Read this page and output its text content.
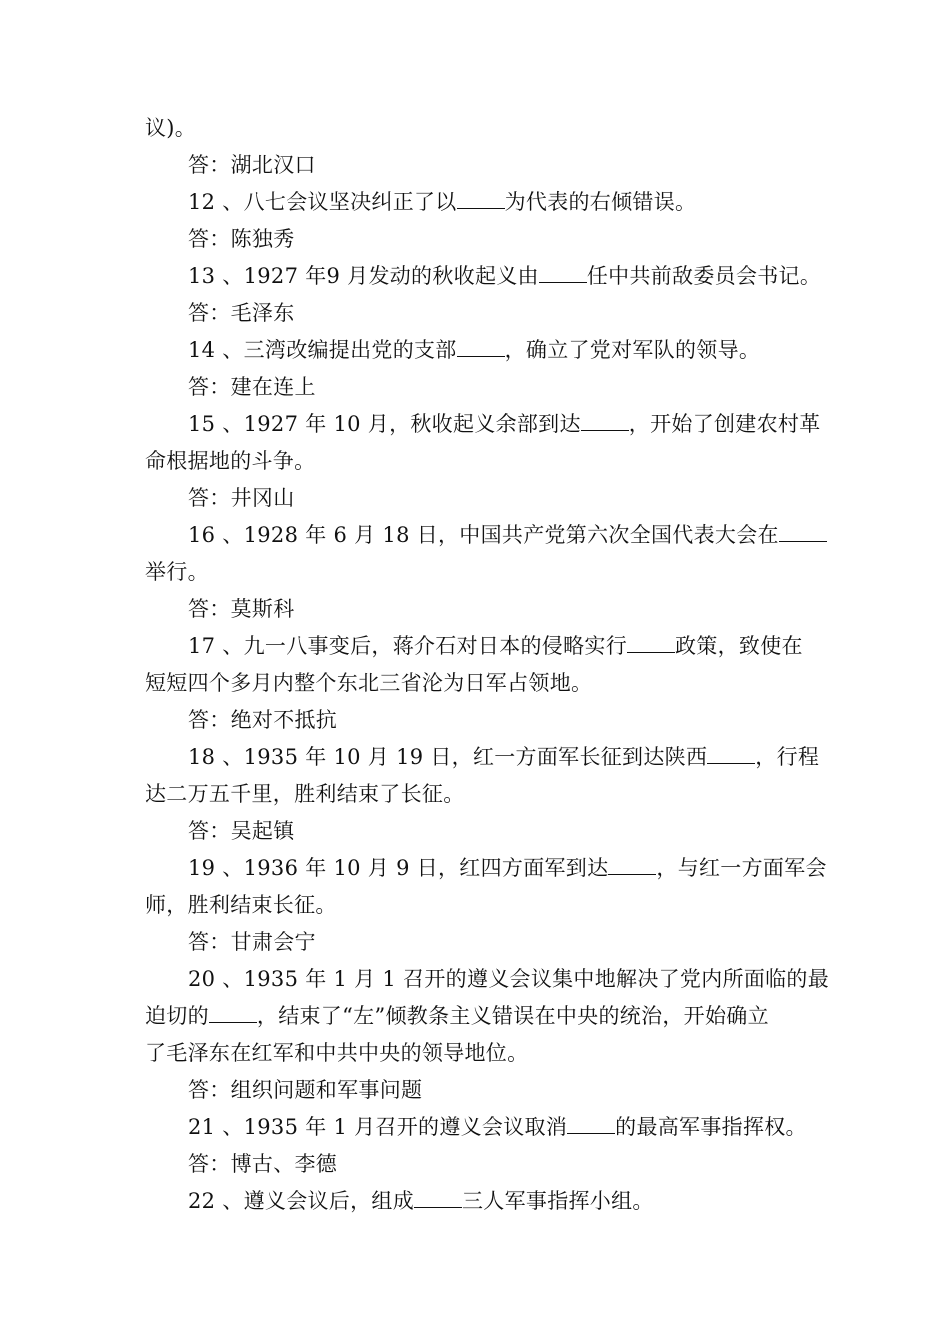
议)。
答：湖北汉口
12 、八七会议坚决纠正了以 为代表的右倾错误。
答：陈独秀
13 、1927 年9 月发动的秋收起义由 任中共前敌委员会书记。
答：毛泽东
14 、三湾改编提出党的支部 ，确立了党对军队的领导。
答：建在连上
15 、1927 年 10 月，秋收起义余部到达 ，开始了创建农村革
命根据地的斗争。
答：井冈山
16 、1928 年 6 月 18 日，中国共产党第六次全国代表大会在
举行。
答：莫斯科
17 、九一八事变后，蒋介石对日本的侵略实行 政策，致使在
短短四个多月内整个东北三省沦为日军占领地。
答：绝对不抵抗
18 、1935 年 10 月 19 日，红一方面军长征到达陕西 ，行程
达二万五千里，胜利结束了长征。
答：吴起镇
19 、1936 年 10 月 9 日，红四方面军到达 ，与红一方面军会
师，胜利结束长征。
答：甘肃会宁
20 、1935 年 1 月 1 召开的遵义会议集中地解决了党内所面临的最
迫切的 ，结束了“左”倾教条主义错误在中央的统治，开始确立
了毛泽东在红军和中共中央的领导地位。
答：组织问题和军事问题
21 、1935 年 1 月召开的遵义会议取消 的最高军事指挥权。
答：博古、李德
22 、遵义会议后，组成 三人军事指挥小组。
